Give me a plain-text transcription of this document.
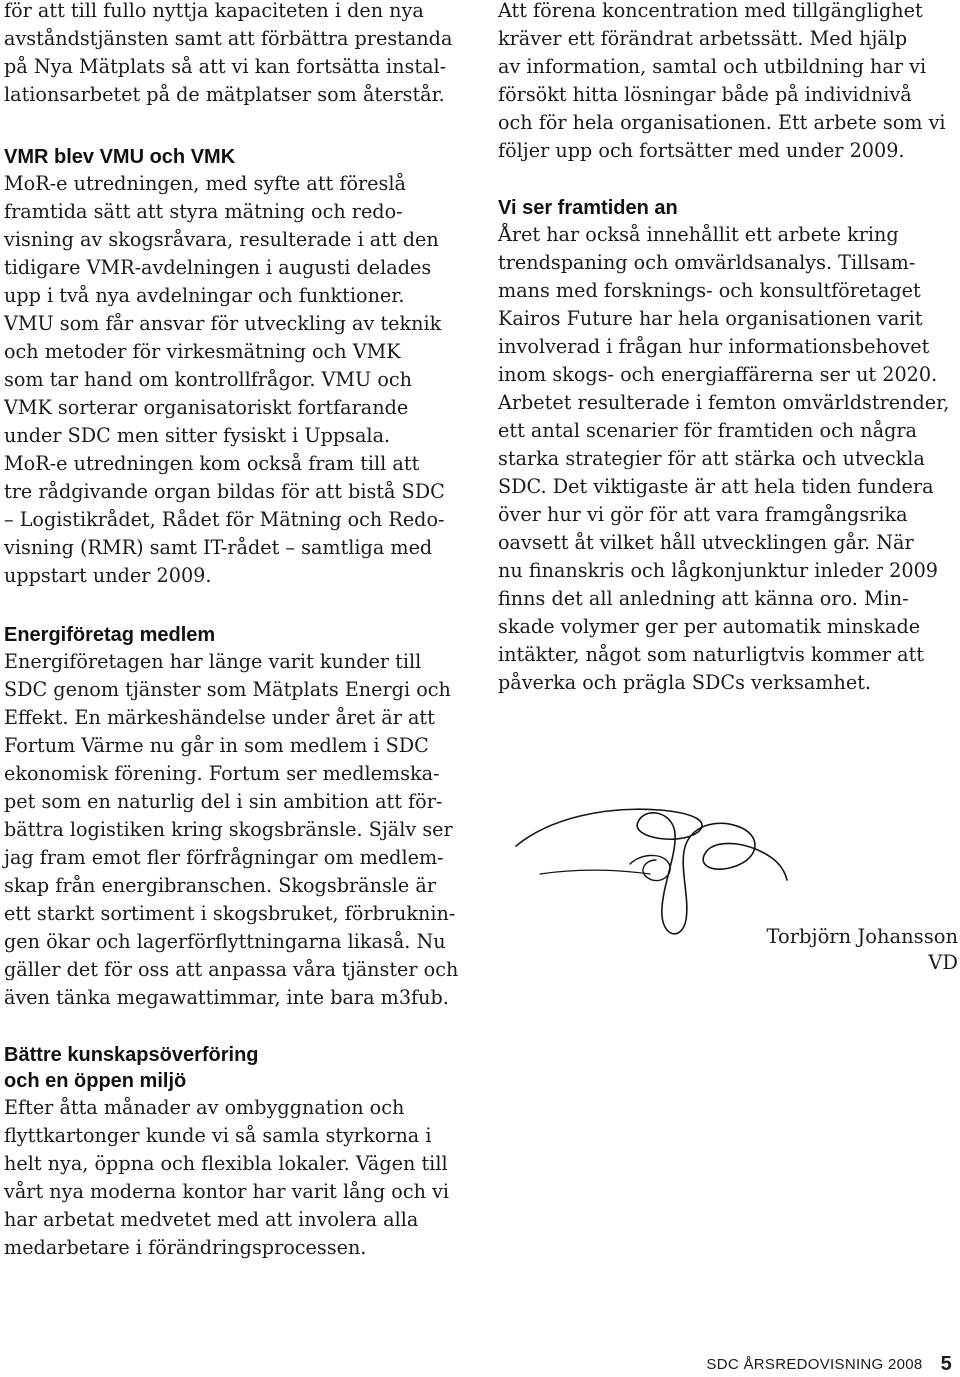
för att till fullo nyttja kapaciteten i den nya
avståndstjänsten samt att förbättra prestanda
på Nya Mätplats så att vi kan fortsätta instal-
lationsarbetet på de mätplatser som återstår.

VMR blev VMU och VMK

MoR-e utredningen, med syfte att föreslå
framtida sätt att styra mätning och redo-
visning av skogsråvara, resulterade i att den
tidigare VMR-avdelningen i augusti delades
upp i två nya avdelningar och funktioner.
VMU som får ansvar för utveckling av teknik
och metoder för virkesmätning och VMK
som tar hand om kontrollfrågor. VMU och
VMK sorterar organisatoriskt fortfarande
under SDC men sitter fysiskt i Uppsala.
MoR-e utredningen kom också fram till att
tre rådgivande organ bildas för att bistå SDC
– Logistikrådet, Rådet för Mätning och Redo-
visning (RMR) samt IT-rådet – samtliga med
uppstart under 2009.

Energiföretag medlem

Energiföretagen har länge varit kunder till
SDC genom tjänster som Mätplats Energi och
Effekt. En märkeshändelse under året är att
Fortum Värme nu går in som medlem i SDC
ekonomisk förening. Fortum ser medlemska-
pet som en naturlig del i sin ambition att för-
bättra logistiken kring skogsbränsle. Själv ser
jag fram emot fler förfrågningar om medlem-
skap från energibranschen. Skogsbränsle är
ett starkt sortiment i skogsbruket, förbruknin-
gen ökar och lagerförflyttningarna likaså. Nu
gäller det för oss att anpassa våra tjänster och
även tänka megawattimmar, inte bara m3fub.

Bättre kunskapsöverföring
och en öppen miljö

Efter åtta månader av ombyggnation och
flyttkartonger kunde vi så samla styrkorna i
helt nya, öppna och flexibla lokaler. Vägen till
vårt nya moderna kontor har varit lång och vi
har arbetat medvetet med att involera alla
medarbetare i förändringsprocessen.

Att förena koncentration med tillgänglighet
kräver ett förändrat arbetssätt. Med hjälp
av information, samtal och utbildning har vi
försökt hitta lösningar både på individnivå
och för hela organisationen. Ett arbete som vi
följer upp och fortsätter med under 2009.

Vi ser framtiden an

Året har också innehållit ett arbete kring
trendspaning och omvärldsanalys. Tillsam-
mans med forsknings- och konsultföretaget
Kairos Future har hela organisationen varit
involverad i frågan hur informationsbehovet
inom skogs- och energiaffärerna ser ut 2020.
Arbetet resulterade i femton omvärldstrender,
ett antal scenarier för framtiden och några
starka strategier för att stärka och utveckla
SDC. Det viktigaste är att hela tiden fundera
över hur vi gör för att vara framgångsrika
oavsett åt vilket håll utvecklingen går. När
nu finanskris och lågkonjunktur inleder 2009
finns det all anledning att känna oro. Min-
skade volymer ger per automatik minskade
intäkter, något som naturligtvis kommer att
påverka och prägla SDCs verksamhet.

Torbjörn Johansson
VD

SDC ÅRSREDOVISNING 2008 5
